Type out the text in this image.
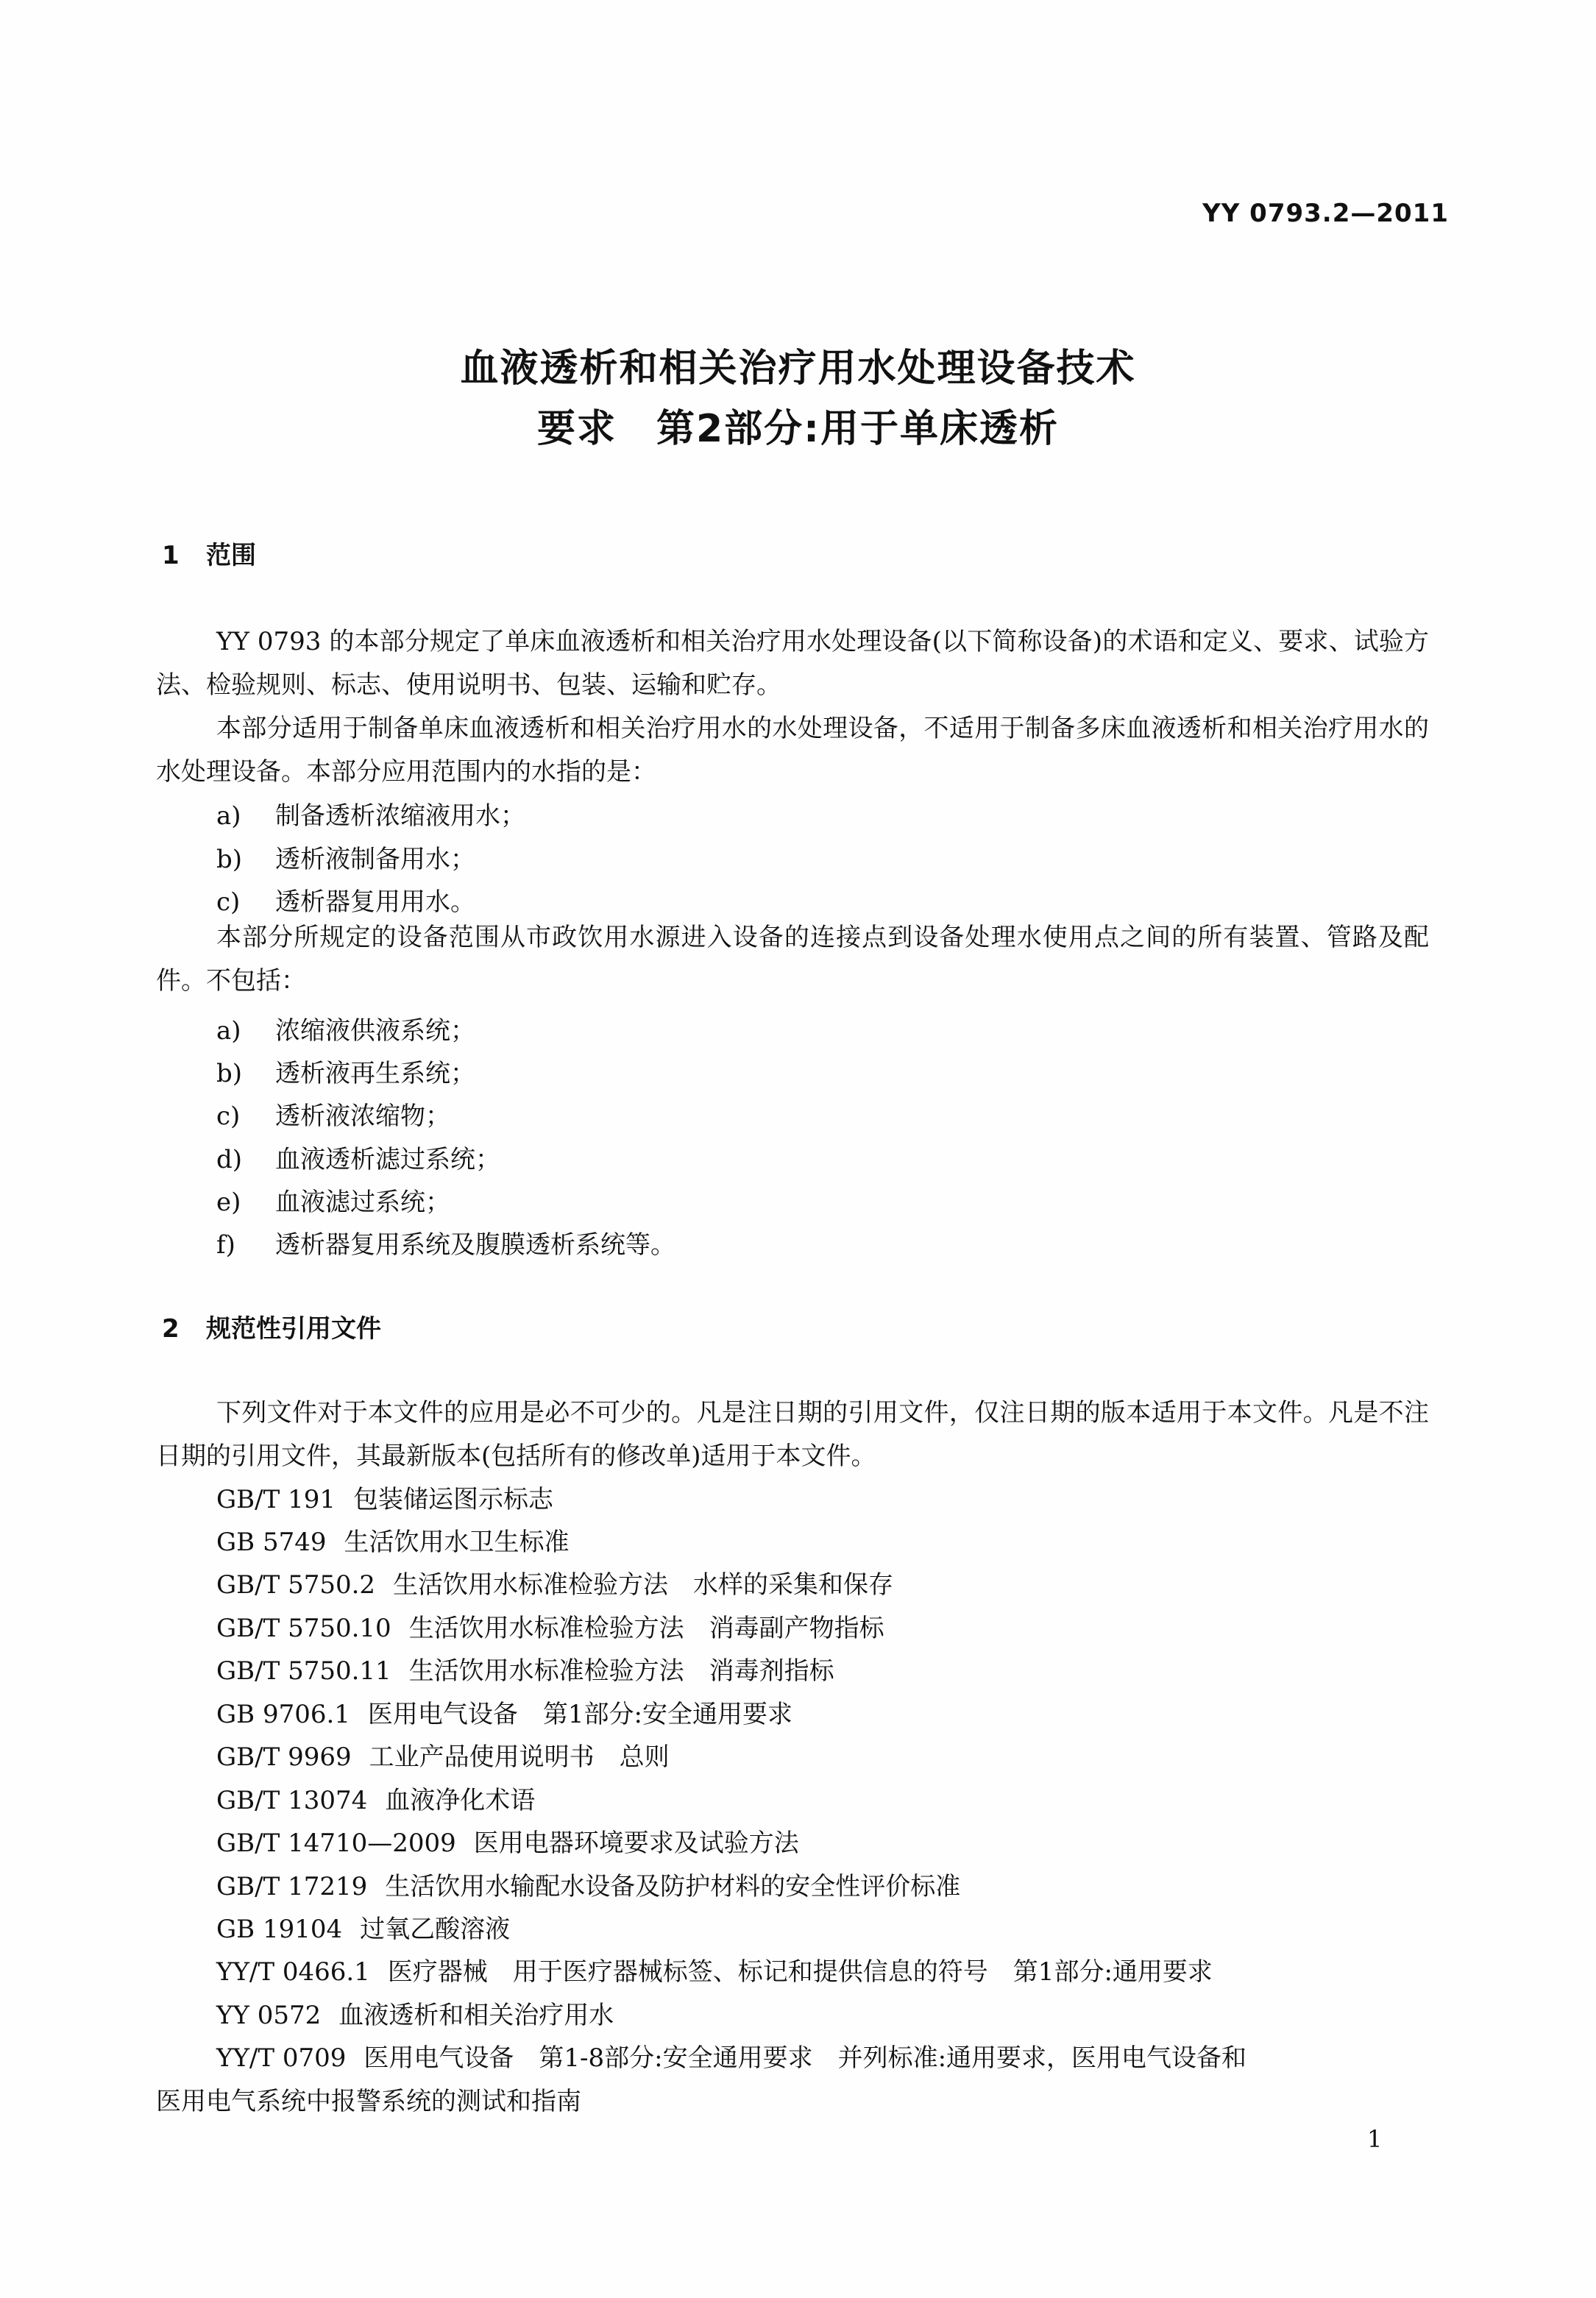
YY 0793.2—2011
血液透析和相关治疗用水处理设备技术
要求　第2部分:用于单床透析
1 范围
YY 0793 的本部分规定了单床血液透析和相关治疗用水处理设备(以下简称设备)的术语和定义、要求、试验方法、检验规则、标志、使用说明书、包装、运输和贮存。
本部分适用于制备单床血液透析和相关治疗用水的水处理设备，不适用于制备多床血液透析和相关治疗用水的水处理设备。本部分应用范围内的水指的是：
a) 制备透析浓缩液用水；
b) 透析液制备用水；
c) 透析器复用用水。
本部分所规定的设备范围从市政饮用水源进入设备的连接点到设备处理水使用点之间的所有装置、管路及配件。不包括：
a) 浓缩液供液系统；
b) 透析液再生系统；
c) 透析液浓缩物；
d) 血液透析滤过系统；
e) 血液滤过系统；
f) 透析器复用系统及腹膜透析系统等。
2 规范性引用文件
下列文件对于本文件的应用是必不可少的。凡是注日期的引用文件，仅注日期的版本适用于本文件。凡是不注日期的引用文件，其最新版本(包括所有的修改单)适用于本文件。
GB/T 191 包装储运图示标志
GB 5749 生活饮用水卫生标准
GB/T 5750.2 生活饮用水标准检验方法　水样的采集和保存
GB/T 5750.10 生活饮用水标准检验方法　消毒副产物指标
GB/T 5750.11 生活饮用水标准检验方法　消毒剂指标
GB 9706.1 医用电气设备　第1部分:安全通用要求
GB/T 9969 工业产品使用说明书　总则
GB/T 13074 血液净化术语
GB/T 14710—2009 医用电器环境要求及试验方法
GB/T 17219 生活饮用水输配水设备及防护材料的安全性评价标准
GB 19104 过氧乙酸溶液
YY/T 0466.1 医疗器械　用于医疗器械标签、标记和提供信息的符号　第1部分:通用要求
YY 0572 血液透析和相关治疗用水
YY/T 0709 医用电气设备　第1-8部分:安全通用要求　并列标准:通用要求，医用电气设备和
医用电气系统中报警系统的测试和指南
1
